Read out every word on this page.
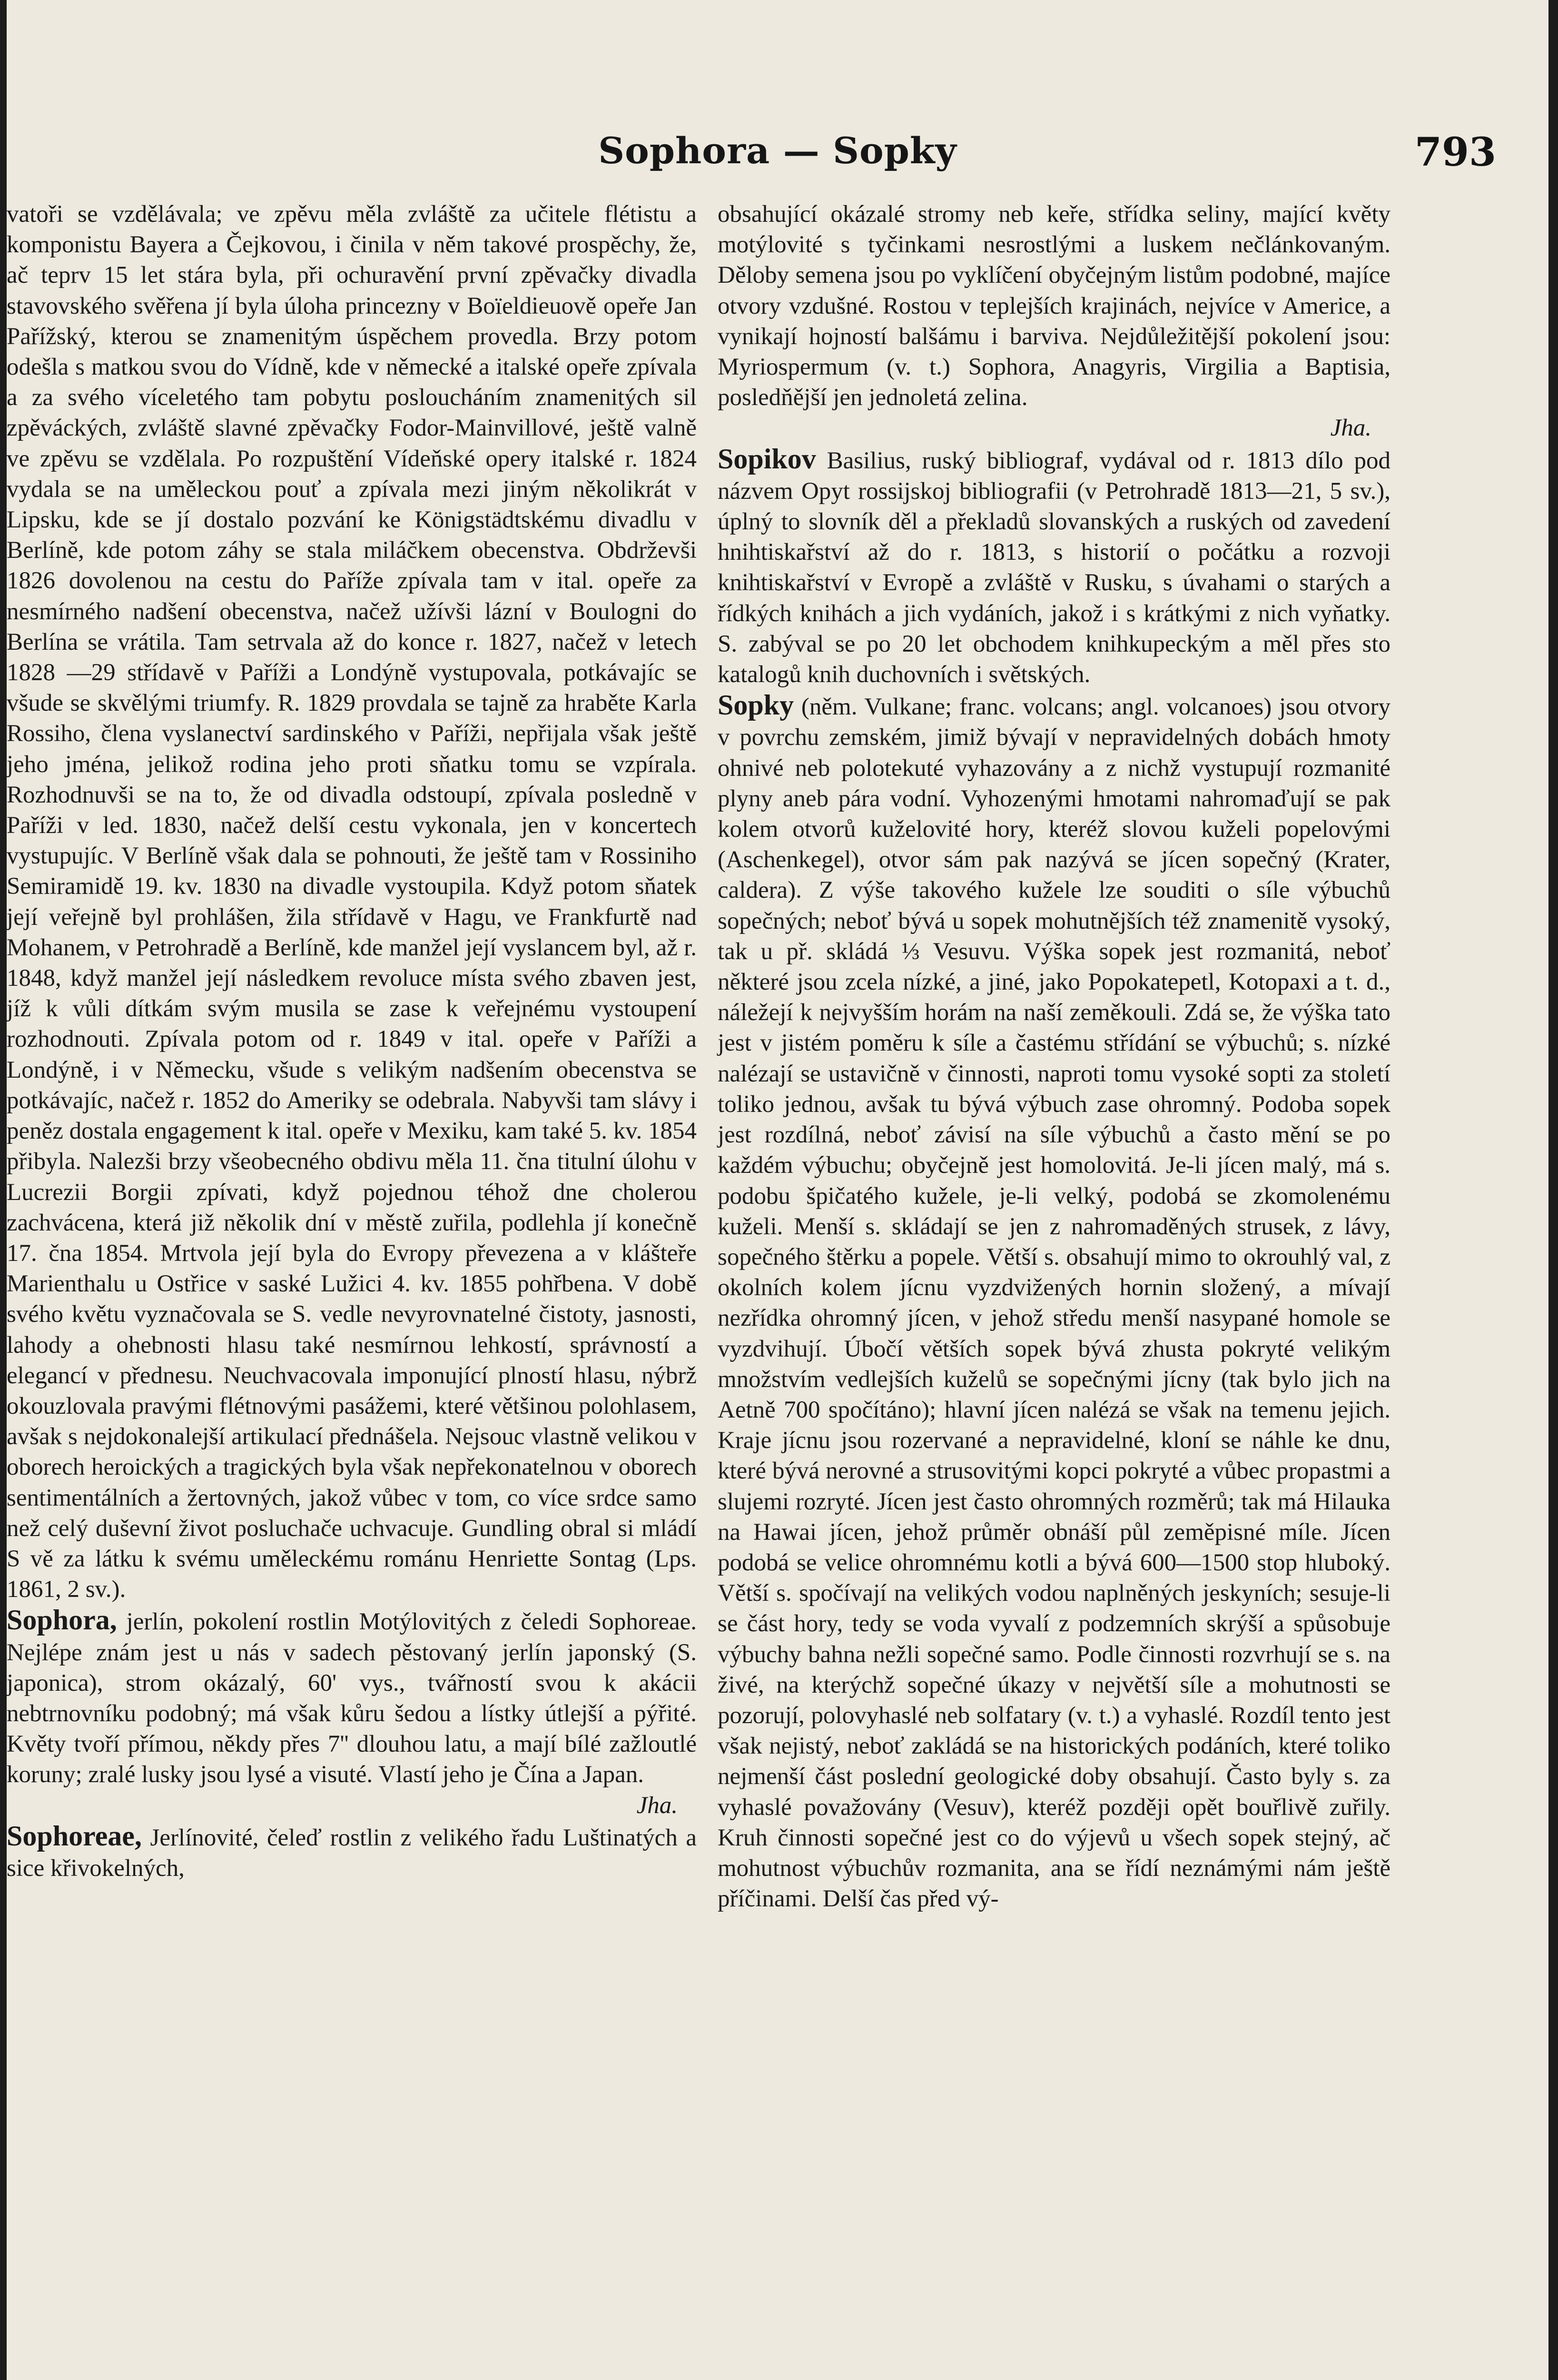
Sophora — Sopky	793

vatoři se vzdělávala; ve zpěvu měla zvláště za učitele flétistu a komponistu Bayera a Čejkovou, i činila v něm takové prospěchy, že, ač teprv 15 let stára byla, při ochuravění první zpěvačky divadla stavovského svěřena jí byla úloha princezny v Boïeldieuově opeře Jan Pařížský, kterou se znamenitým úspěchem provedla. Brzy potom odešla s matkou svou do Vídně, kde v německé a italské opeře zpívala a za svého víceletého tam pobytu posloucháním znamenitých sil zpěváckých, zvláště slavné zpěvačky Fodor-Mainvillové, ještě valně ve zpěvu se vzdělala. Po rozpuštění Vídeňské opery italské r. 1824 vydala se na uměleckou pouť a zpívala mezi jiným několikrát v Lipsku, kde se jí dostalo pozvání ke Königstädtskému divadlu v Berlíně, kde potom záhy se stala miláčkem obecenstva. Obdrževši 1826 dovolenou na cestu do Paříže zpívala tam v ital. opeře za nesmírného nadšení obecenstva, načež užívši lázní v Boulogni do Berlína se vrátila. Tam setrvala až do konce r. 1827, načež v letech 1828 —29 střídavě v Paříži a Londýně vystupovala, potkávajíc se všude se skvělými triumfy. R. 1829 provdala se tajně za hraběte Karla Rossiho, člena vyslanectví sardinského v Paříži, nepřijala však ještě jeho jména, jelikož rodina jeho proti sňatku tomu se vzpírala. Rozhodnuvši se na to, že od divadla odstoupí, zpívala posledně v Paříži v led. 1830, načež delší cestu vykonala, jen v koncertech vystupujíc. V Berlíně však dala se pohnouti, že ještě tam v Rossiniho Semiramidě 19. kv. 1830 na divadle vystoupila. Když potom sňatek její veřejně byl prohlášen, žila střídavě v Hagu, ve Frankfurtě nad Mohanem, v Petrohradě a Berlíně, kde manžel její vyslancem byl, až r. 1848, když manžel její následkem revoluce místa svého zbaven jest, jíž k vůli dítkám svým musila se zase k veřejnému vystoupení rozhodnouti. Zpívala potom od r. 1849 v ital. opeře v Paříži a Londýně, i v Německu, všude s velikým nadšením obecenstva se potkávajíc, načež r. 1852 do Ameriky se odebrala. Nabyvši tam slávy i peněz dostala engagement k ital. opeře v Mexiku, kam také 5. kv. 1854 přibyla. Nalezši brzy všeobecného obdivu měla 11. čna titulní úlohu v Lucrezii Borgii zpívati, když pojednou téhož dne cholerou zachvácena, která již několik dní v městě zuřila, podlehla jí konečně 17. čna 1854. Mrtvola její byla do Evropy převezena a v klášteře Marienthalu u Ostřice v saské Lužici 4. kv. 1855 pohřbena. V době svého květu vyznačovala se S. vedle nevyrovnatelné čistoty, jasnosti, lahody a ohebnosti hlasu také nesmírnou lehkostí, správností a elegancí v přednesu. Neuchvacovala imponující plností hlasu, nýbrž okouzlovala pravými flétnovými pasážemi, které většinou polohlasem, avšak s nejdokonalejší artikulací přednášela. Nejsouc vlastně velikou v oborech heroických a tragických byla však nepřekonatelnou v oborech sentimentálních a žertovných, jakož vůbec v tom, co více srdce samo než celý duševní život posluchače uchvacuje. Gundling obral si mládí S vě za látku k svému uměleckému románu Henriette Sontag (Lps. 1861, 2 sv.).

Sophora, jerlín, pokolení rostlin Motýlovitých z čeledi Sophoreae. Nejlépe znám jest u nás v sadech pěstovaný jerlín japonský (S. japonica), strom okázalý, 60' vys., tvářností svou k akácii nebtrnovníku podobný; má však kůru šedou a lístky útlejší a pýřité. Květy tvoří přímou, někdy přes 7'' dlouhou latu, a mají bílé zažloutlé koruny; zralé lusky jsou lysé a visuté. Vlastí jeho je Čína a Japan.
Jha.

Sophoreae, Jerlínovité, čeleď rostlin z velikého řadu Luštinatých a sice křivokelných,

obsahující okázalé stromy neb keře, střídka seliny, mající květy motýlovité s tyčinkami nesrostlými a luskem nečlánkovaným. Děloby semena jsou po vyklíčení obyčejným listům podobné, majíce otvory vzdušné. Rostou v teplejších krajinách, nejvíce v Americe, a vynikají hojností balšámu i barviva. Nejdůležitější pokolení jsou: Myriospermum (v. t.) Sophora, Anagyris, Virgilia a Baptisia, posledňější jen jednoletá zelina.
Jha.

Sopikov Basilius, ruský bibliograf, vydával od r. 1813 dílo pod názvem Opyt rossijskoj bibliografii (v Petrohradě 1813—21, 5 sv.), úplný to slovník děl a překladů slovanských a ruských od zavedení hnihtiskařství až do r. 1813, s historií o počátku a rozvoji knihtiskařství v Evropě a zvláště v Rusku, s úvahami o starých a řídkých knihách a jich vydáních, jakož i s krátkými z nich vyňatky. S. zabýval se po 20 let obchodem knihkupeckým a měl přes sto katalogů knih duchovních i světských.

Sopky (něm. Vulkane; franc. volcans; angl. volcanoes) jsou otvory v povrchu zemském, jimiž bývají v nepravidelných dobách hmoty ohnivé neb polotekuté vyhazovány a z nichž vystupují rozmanité plyny aneb pára vodní. Vyhozenými hmotami nahromaďují se pak kolem otvorů kuželovité hory, kteréž slovou kuželi popelovými (Aschenkegel), otvor sám pak nazývá se jícen sopečný (Krater, caldera). Z výše takového kužele lze souditi o síle výbuchů sopečných; neboť bývá u sopek mohutnějších též znamenitě vysoký, tak u př. skládá ⅓ Vesuvu. Výška sopek jest rozmanitá, neboť některé jsou zcela nízké, a jiné, jako Popokatepetl, Kotopaxi a t. d., náležejí k nejvyšším horám na naší zeměkouli. Zdá se, že výška tato jest v jistém poměru k síle a častému střídání se výbuchů; s. nízké nalézají se ustavičně v činnosti, naproti tomu vysoké sopti za století toliko jednou, avšak tu bývá výbuch zase ohromný. Podoba sopek jest rozdílná, neboť závisí na síle výbuchů a často mění se po každém výbuchu; obyčejně jest homolovitá. Je-li jícen malý, má s. podobu špičatého kužele, je-li velký, podobá se zkomolenému kuželi. Menší s. skládají se jen z nahromaděných strusek, z lávy, sopečného štěrku a popele. Větší s. obsahují mimo to okrouhlý val, z okolních kolem jícnu vyzdvižených hornin složený, a mívají nezřídka ohromný jícen, v jehož středu menší nasypané homole se vyzdvihují. Úbočí větších sopek bývá zhusta pokryté velikým množstvím vedlejších kuželů se sopečnými jícny (tak bylo jich na Aetně 700 spočítáno); hlavní jícen nalézá se však na temenu jejich. Kraje jícnu jsou rozervané a nepravidelné, kloní se náhle ke dnu, které bývá nerovné a strusovitými kopci pokryté a vůbec propastmi a slujemi rozryté. Jícen jest často ohromných rozměrů; tak má Hilauka na Hawai jícen, jehož průměr obnáší půl zeměpisné míle. Jícen podobá se velice ohromnému kotli a bývá 600—1500 stop hluboký. Větší s. spočívají na velikých vodou naplněných jeskyních; sesuje-li se část hory, tedy se voda vyvalí z podzemních skrýší a spůsobuje výbuchy bahna nežli sopečné samo. Podle činnosti rozvrhují se s. na živé, na kterýchž sopečné úkazy v největší síle a mohutnosti se pozorují, polovyhaslé neb solfatary (v. t.) a vyhaslé. Rozdíl tento jest však nejistý, neboť zakládá se na historických podáních, které toliko nejmenší část poslední geologické doby obsahují. Často byly s. za vyhaslé považovány (Vesuv), kteréž později opět bouřlivě zuřily. Kruh činnosti sopečné jest co do výjevů u všech sopek stejný, ač mohutnost výbuchův rozmanita, ana se řídí neznámými nám ještě příčinami. Delší čas před vý-
